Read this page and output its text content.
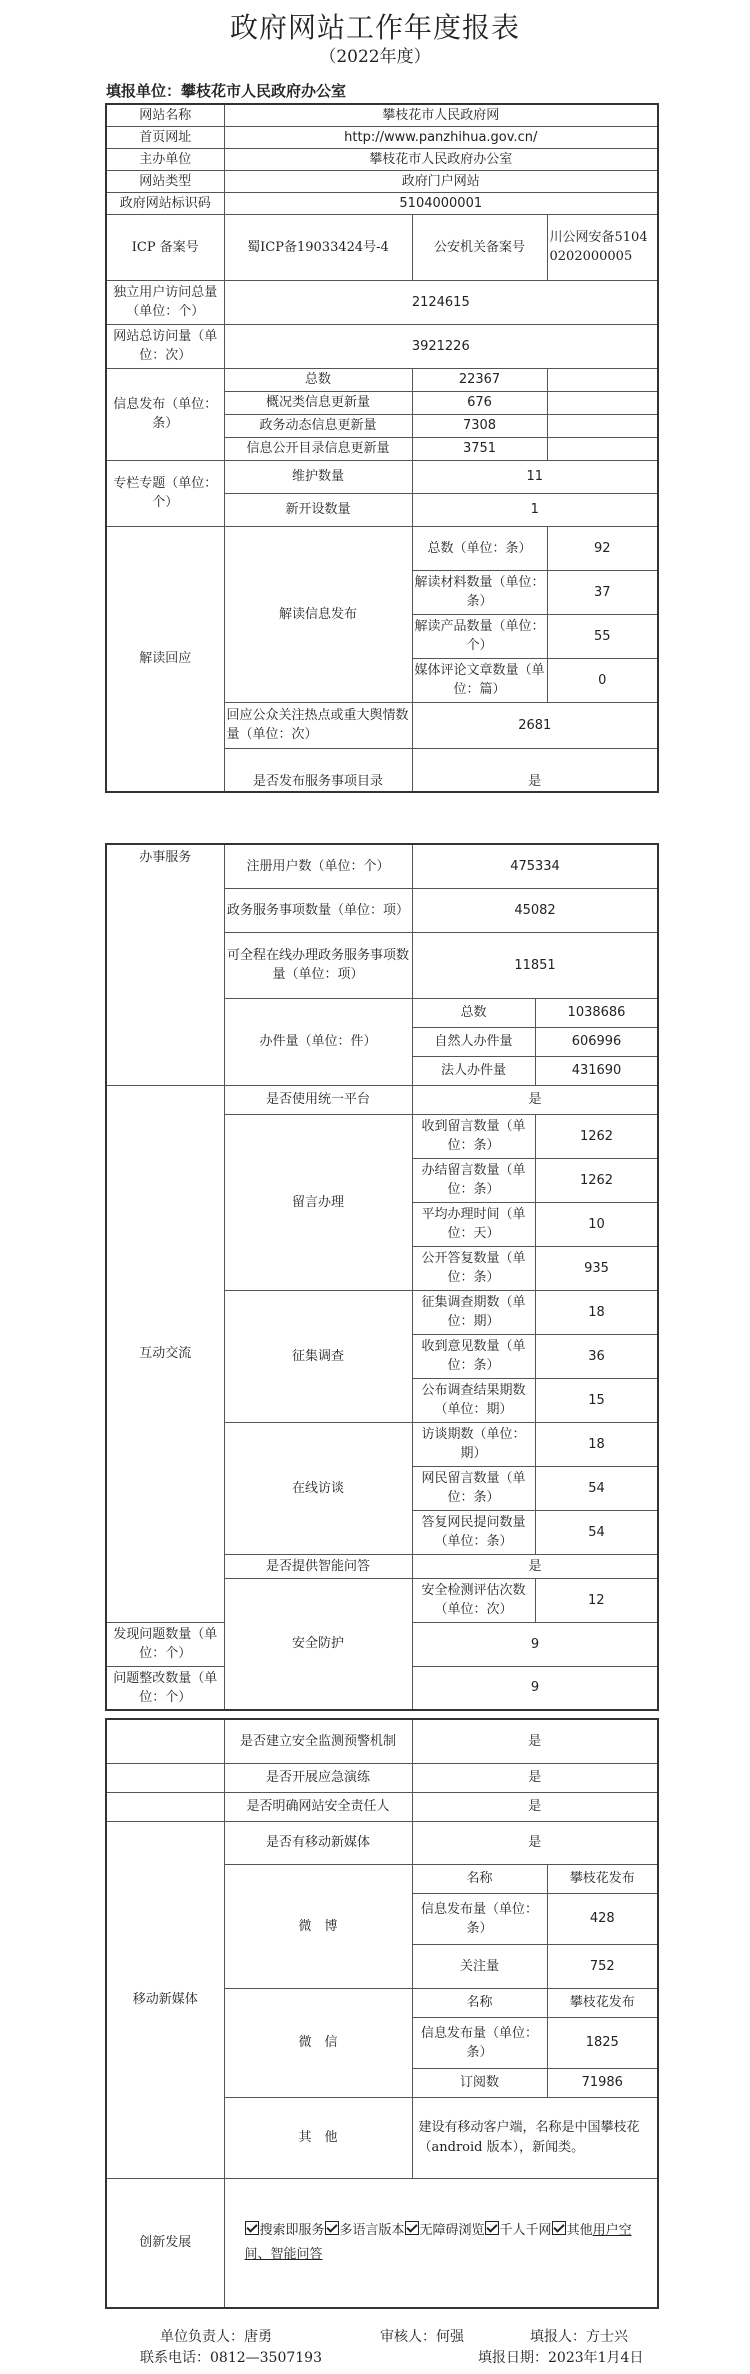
政府网站工作年度报表
（2022年度）
填报单位：攀枝花市人民政府办公室
网站名称	攀枝花市人民政府网		
首页网址	http://www.panzhihua.gov.cn/		
主办单位	攀枝花市人民政府办公室		
网站类型	政府门户网站		
政府网站标识码	5104000001		
ICP 备案号	蜀ICP备19033424号-4	公安机关备案号	川公网安备51040202000005
独立用户访问总量（单位：个）	2124615		
网站总访问量（单位：次）	3921226		
信息发布（单位：条）	总数	22367	
	概况类信息更新量	676	
	政务动态信息更新量	7308	
	信息公开目录信息更新量	3751	
专栏专题（单位：个）	维护数量	11	
	新开设数量	1	
解读回应	解读信息发布	总数（单位：条）	92
		解读材料数量（单位：条）	37
		解读产品数量（单位：个）	55
		媒体评论文章数量（单位：篇）	0
	回应公众关注热点或重大舆情数量（单位：次）	2681	
	是否发布服务事项目录	是	
办事服务	注册用户数（单位：个）	475334	
	政务服务事项数量（单位：项）	45082	
	可全程在线办理政务服务事项数量（单位：项）	11851	
	办件量（单位：件）	总数	1038686
		自然人办件量	606996
		法人办件量	431690
互动交流	是否使用统一平台	是	
	留言办理	收到留言数量（单位：条）	1262
		办结留言数量（单位：条）	1262
		平均办理时间（单位：天）	10
		公开答复数量（单位：条）	935
	征集调查	征集调查期数（单位：期）	18
		收到意见数量（单位：条）	36
		公布调查结果期数（单位：期）	15
	在线访谈	访谈期数（单位：期）	18
		网民留言数量（单位：条）	54
		答复网民提问数量（单位：条）	54
	是否提供智能问答	是	
	安全防护	安全检测评估次数（单位：次）	12
发现问题数量（单位：个）		9	
问题整改数量（单位：个）		9	
	是否建立安全监测预警机制	是	
	是否开展应急演练	是	
	是否明确网站安全责任人	是	
移动新媒体	是否有移动新媒体	是	
	微　博	名称	攀枝花发布
		信息发布量（单位：条）	428
		关注量	752
	微　信	名称	攀枝花发布
		信息发布量（单位：条）	1825
		订阅数	71986
	其　他	建设有移动客户端，名称是中国攀枝花（android 版本），新闻类。	
创新发展	搜索即服务 多语言版本 无障碍浏览 千人千网 其他用户空间、智能问答		
单位负责人：唐勇	审核人：何强	填报人：方士兴
联系电话：0812—3507193	填报日期：2023年1月4日
